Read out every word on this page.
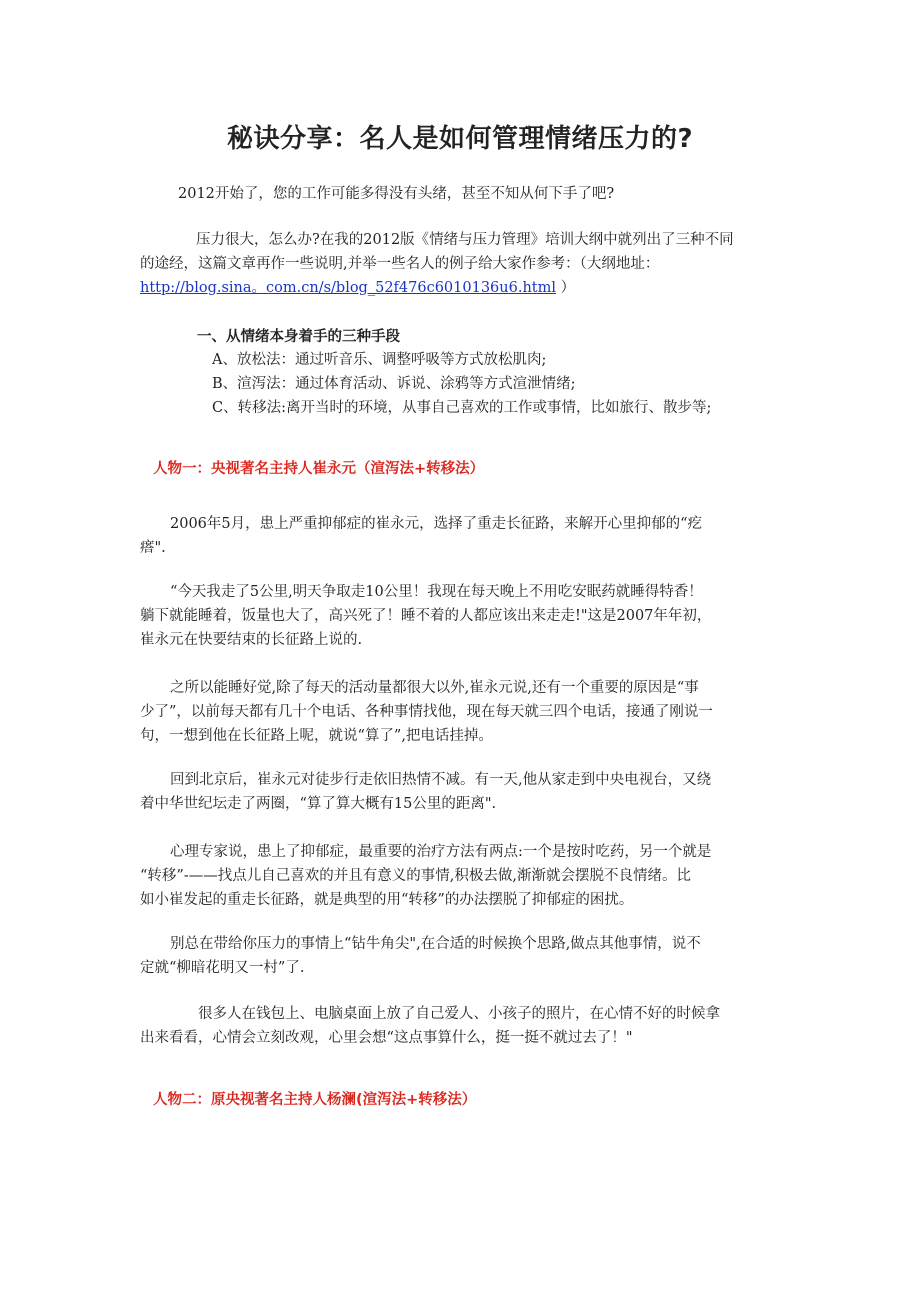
秘诀分享：名人是如何管理情绪压力的?

2012开始了，您的工作可能多得没有头绪，甚至不知从何下手了吧?

压力很大，怎么办?在我的2012版《情绪与压力管理》培训大纲中就列出了三种不同
的途经，这篇文章再作一些说明,并举一些名人的例子给大家作参考：（大纲地址：
http://blog.sina。com.cn/s/blog_52f476c6010136u6.html ）

一、从情绪本身着手的三种手段
A、放松法：通过听音乐、调整呼吸等方式放松肌肉;
B、渲泻法：通过体育活动、诉说、涂鸦等方式渲泄情绪;
C、转移法:离开当时的环境，从事自己喜欢的工作或事情，比如旅行、散步等;
人物一：央视著名主持人崔永元（渲泻法+转移法）

2006年5月，患上严重抑郁症的崔永元，选择了重走长征路，来解开心里抑郁的“疙
瘩".

“今天我走了5公里,明天争取走10公里！我现在每天晚上不用吃安眠药就睡得特香！
躺下就能睡着，饭量也大了，高兴死了！睡不着的人都应该出来走走!"这是2007年年初，
崔永元在快要结束的长征路上说的.

之所以能睡好觉,除了每天的活动量都很大以外,崔永元说,还有一个重要的原因是“事
少了”，以前每天都有几十个电话、各种事情找他，现在每天就三四个电话，接通了刚说一
句，一想到他在长征路上呢，就说“算了”,把电话挂掉。

回到北京后，崔永元对徒步行走依旧热情不减。有一天,他从家走到中央电视台，又绕
着中华世纪坛走了两圈，“算了算大概有15公里的距离".

心理专家说，患上了抑郁症，最重要的治疗方法有两点:一个是按时吃药，另一个就是
“转移”-——找点儿自己喜欢的并且有意义的事情,积极去做,渐渐就会摆脱不良情绪。比
如小崔发起的重走长征路，就是典型的用“转移”的办法摆脱了抑郁症的困扰。

别总在带给你压力的事情上“钻牛角尖",在合适的时候换个思路,做点其他事情，说不
定就“柳暗花明又一村”了.

很多人在钱包上、电脑桌面上放了自己爱人、小孩子的照片，在心情不好的时候拿
出来看看，心情会立刻改观，心里会想“这点事算什么，挺一挺不就过去了！"

人物二：原央视著名主持人杨澜(渲泻法+转移法）
